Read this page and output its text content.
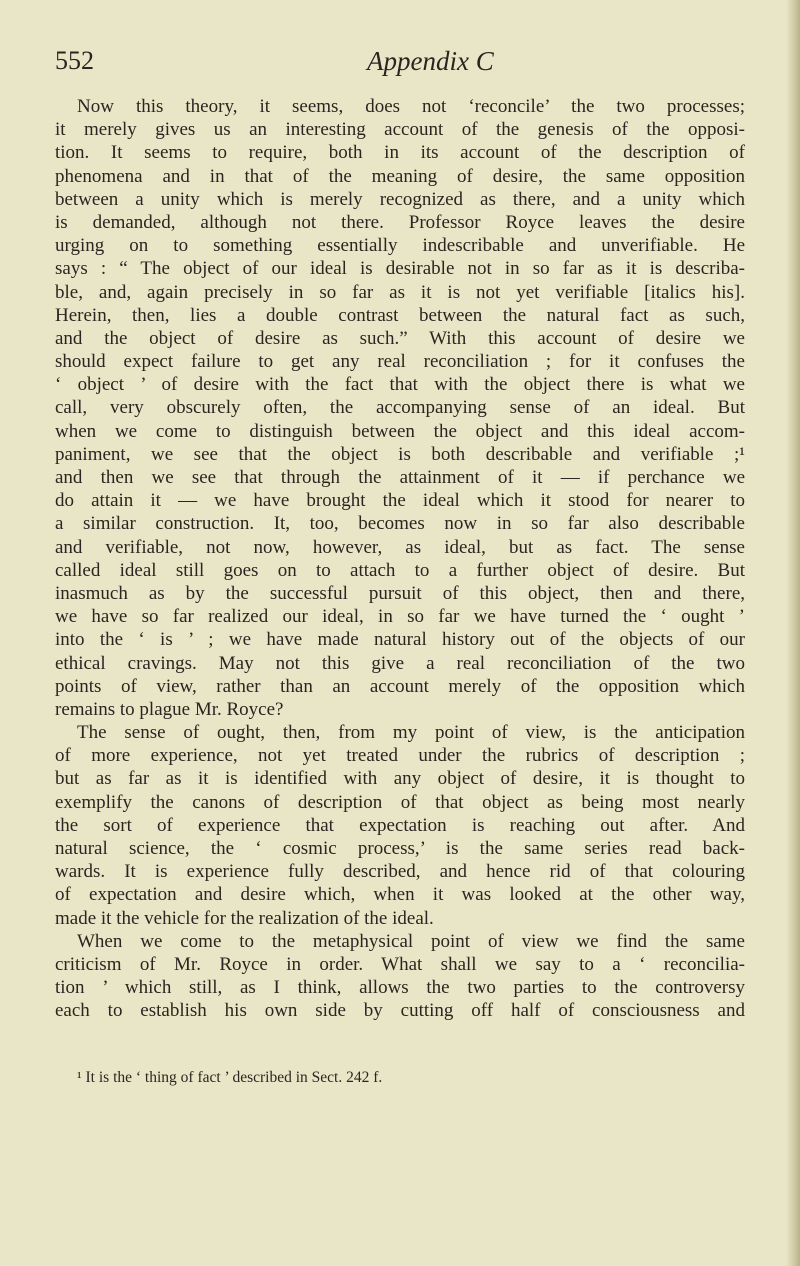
552	Appendix C
Now this theory, it seems, does not ‘reconcile’ the two processes;
it merely gives us an interesting account of the genesis of the opposi-
tion. It seems to require, both in its account of the description of
phenomena and in that of the meaning of desire, the same opposition
between a unity which is merely recognized as there, and a unity which
is demanded, although not there. Professor Royce leaves the desire
urging on to something essentially indescribable and unverifiable. He
says : “ The object of our ideal is desirable not in so far as it is describa-
ble, and, again precisely in so far as it is not yet verifiable [italics his].
Herein, then, lies a double contrast between the natural fact as such,
and the object of desire as such.” With this account of desire we
should expect failure to get any real reconciliation ; for it confuses the
‘ object ’ of desire with the fact that with the object there is what we
call, very obscurely often, the accompanying sense of an ideal. But
when we come to distinguish between the object and this ideal accom-
paniment, we see that the object is both describable and verifiable ;¹
and then we see that through the attainment of it — if perchance we
do attain it — we have brought the ideal which it stood for nearer to
a similar construction. It, too, becomes now in so far also describable
and verifiable, not now, however, as ideal, but as fact. The sense
called ideal still goes on to attach to a further object of desire. But
inasmuch as by the successful pursuit of this object, then and there,
we have so far realized our ideal, in so far we have turned the ‘ ought ’
into the ‘ is ’ ; we have made natural history out of the objects of our
ethical cravings. May not this give a real reconciliation of the two
points of view, rather than an account merely of the opposition which
remains to plague Mr. Royce?
The sense of ought, then, from my point of view, is the anticipation
of more experience, not yet treated under the rubrics of description ;
but as far as it is identified with any object of desire, it is thought to
exemplify the canons of description of that object as being most nearly
the sort of experience that expectation is reaching out after. And
natural science, the ‘ cosmic process,’ is the same series read back-
wards. It is experience fully described, and hence rid of that colouring
of expectation and desire which, when it was looked at the other way,
made it the vehicle for the realization of the ideal.
When we come to the metaphysical point of view we find the same
criticism of Mr. Royce in order. What shall we say to a ‘ reconcilia-
tion ’ which still, as I think, allows the two parties to the controversy
each to establish his own side by cutting off half of consciousness and
¹ It is the ‘ thing of fact ’ described in Sect. 242 f.
